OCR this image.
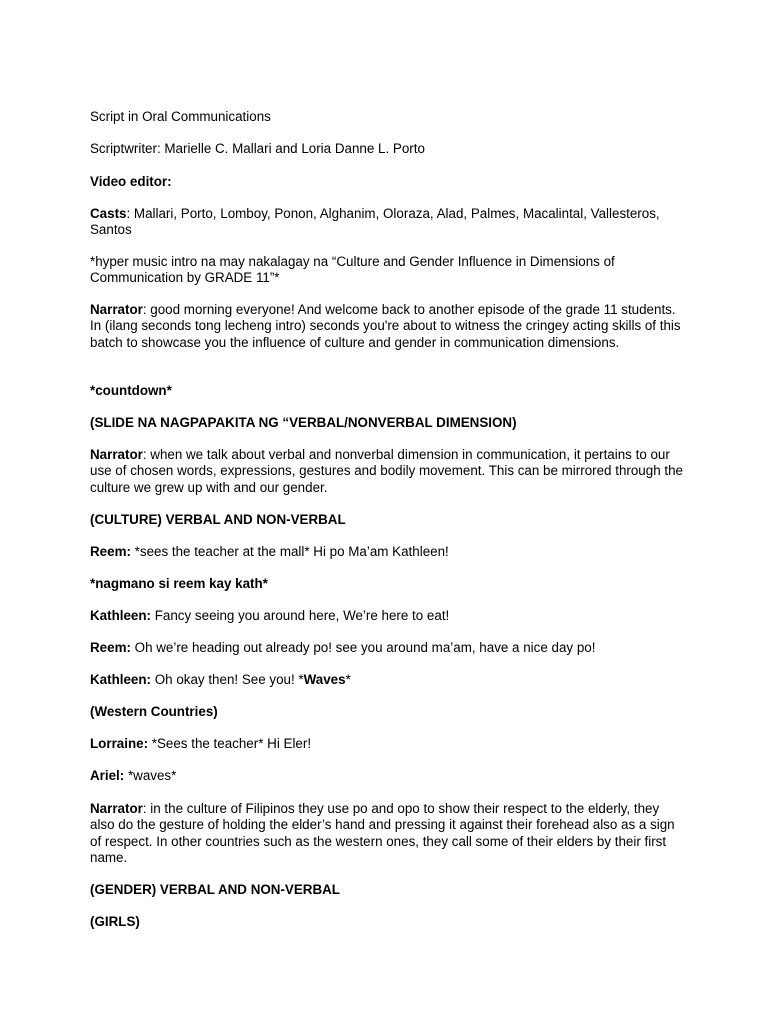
Script in Oral Communications

Scriptwriter: Marielle C. Mallari and Loria Danne L. Porto

Video editor:

Casts: Mallari, Porto, Lomboy, Ponon, Alghanim, Oloraza, Alad, Palmes, Macalintal, Vallesteros, Santos

*hyper music intro na may nakalagay na “Culture and Gender Influence in Dimensions of Communication by GRADE 11”*

Narrator: good morning everyone! And welcome back to another episode of the grade 11 students. In (ilang seconds tong lecheng intro) seconds you're about to witness the cringey acting skills of this batch to showcase you the influence of culture and gender in communication dimensions.

*countdown*

(SLIDE NA NAGPAPAKITA NG “VERBAL/NONVERBAL DIMENSION)

Narrator: when we talk about verbal and nonverbal dimension in communication, it pertains to our use of chosen words, expressions, gestures and bodily movement. This can be mirrored through the culture we grew up with and our gender.

(CULTURE) VERBAL AND NON-VERBAL

Reem: *sees the teacher at the mall* Hi po Ma’am Kathleen!

*nagmano si reem kay kath*

Kathleen: Fancy seeing you around here, We’re here to eat!

Reem: Oh we’re heading out already po! see you around ma’am, have a nice day po!

Kathleen: Oh okay then! See you! *Waves*

(Western Countries)

Lorraine: *Sees the teacher* Hi Eler!

Ariel: *waves*

Narrator: in the culture of Filipinos they use po and opo to show their respect to the elderly, they also do the gesture of holding the elder’s hand and pressing it against their forehead also as a sign of respect. In other countries such as the western ones, they call some of their elders by their first name.

(GENDER) VERBAL AND NON-VERBAL

(GIRLS)
